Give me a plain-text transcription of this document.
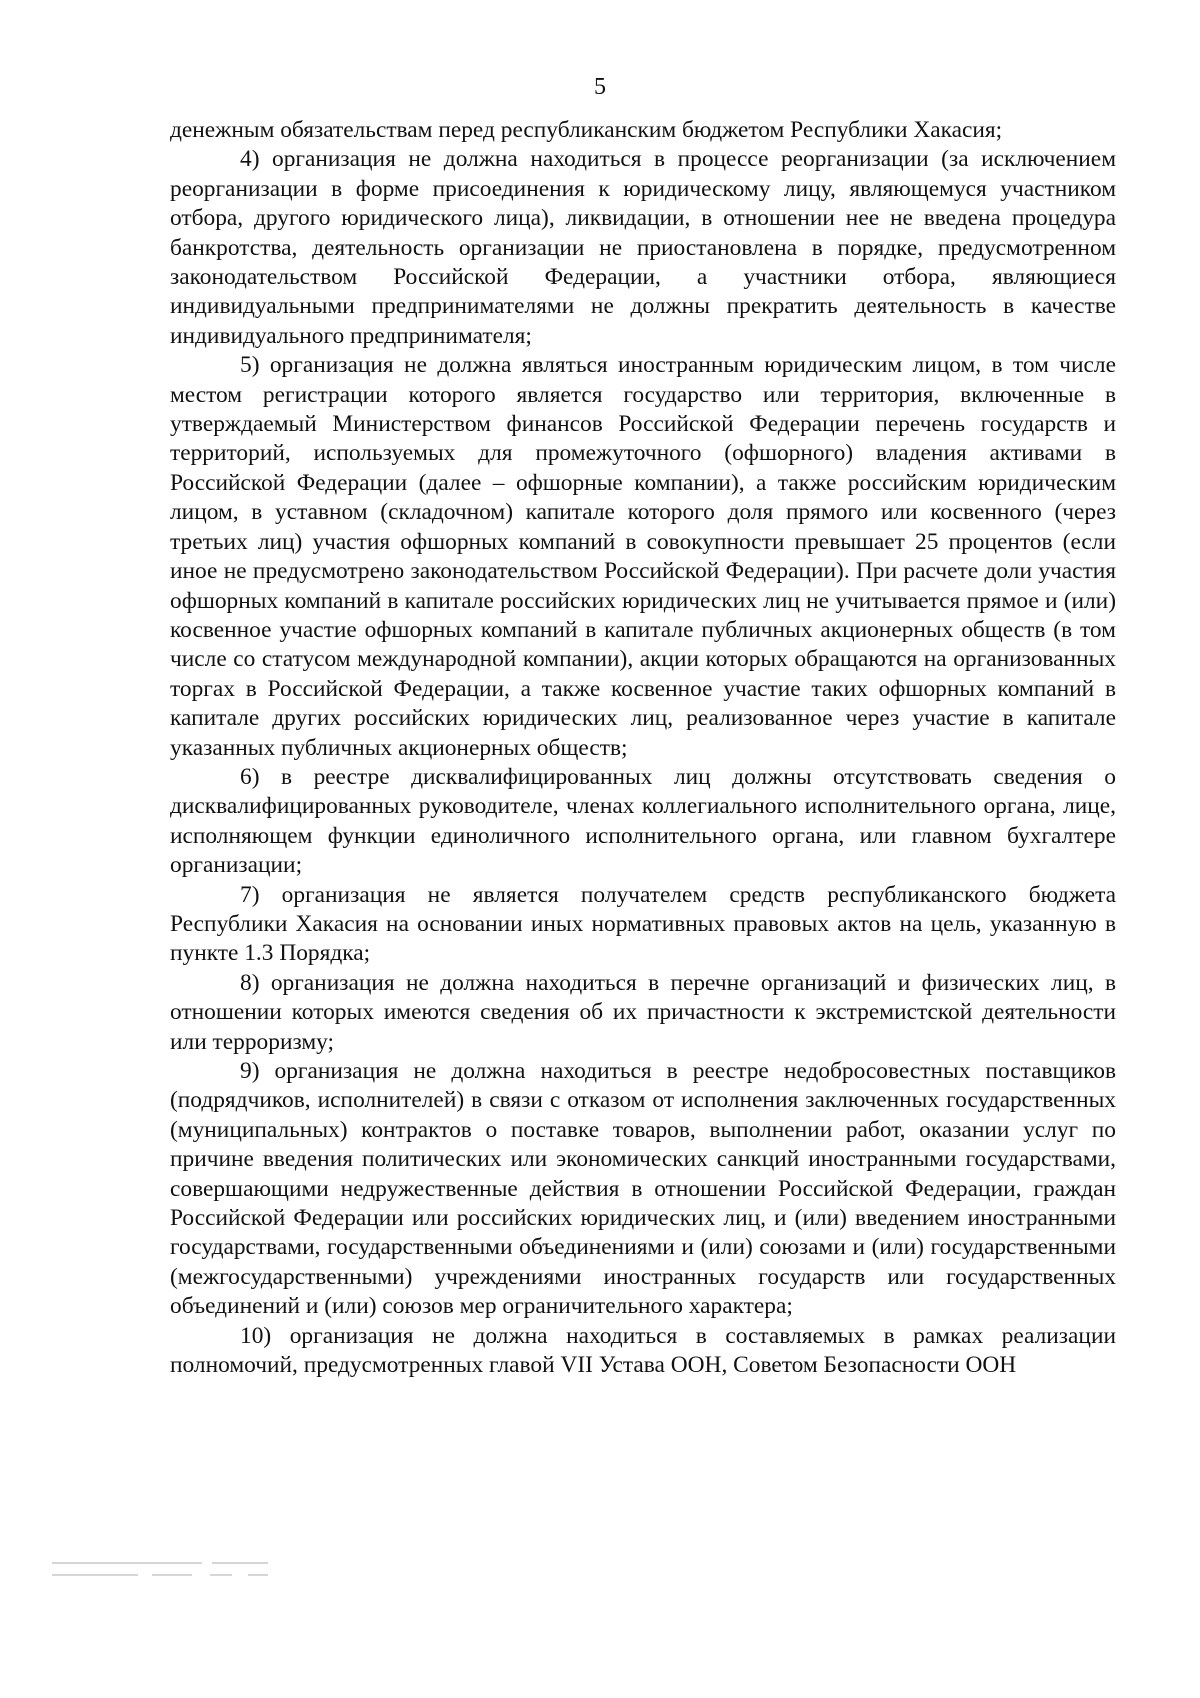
5

денежным обязательствам перед республиканским бюджетом Республики Хакасия;

4) организация не должна находиться в процессе реорганизации (за исключением реорганизации в форме присоединения к юридическому лицу, являющемуся участником отбора, другого юридического лица), ликвидации, в отношении нее не введена процедура банкротства, деятельность организации не приостановлена в порядке, предусмотренном законодательством Российской Федерации, а участники отбора, являющиеся индивидуальными предпринимателями не должны прекратить деятельность в качестве индивидуального предпринимателя;

5) организация не должна являться иностранным юридическим лицом, в том числе местом регистрации которого является государство или территория, включенные в утверждаемый Министерством финансов Российской Федерации перечень государств и территорий, используемых для промежуточного (офшорного) владения активами в Российской Федерации (далее – офшорные компании), а также российским юридическим лицом, в уставном (складочном) капитале которого доля прямого или косвенного (через третьих лиц) участия офшорных компаний в совокупности превышает 25 процентов (если иное не предусмотрено законодательством Российской Федерации). При расчете доли участия офшорных компаний в капитале российских юридических лиц не учитывается прямое и (или) косвенное участие офшорных компаний в капитале публичных акционерных обществ (в том числе со статусом международной компании), акции которых обращаются на организованных торгах в Российской Федерации, а также косвенное участие таких офшорных компаний в капитале других российских юридических лиц, реализованное через участие в капитале указанных публичных акционерных обществ;

6) в реестре дисквалифицированных лиц должны отсутствовать сведения о дисквалифицированных руководителе, членах коллегиального исполнительного органа, лице, исполняющем функции единоличного исполнительного органа, или главном бухгалтере организации;

7) организация не является получателем средств республиканского бюджета Республики Хакасия на основании иных нормативных правовых актов на цель, указанную в пункте 1.3 Порядка;

8) организация не должна находиться в перечне организаций и физических лиц, в отношении которых имеются сведения об их причастности к экстремистской деятельности или терроризму;

9) организация не должна находиться в реестре недобросовестных поставщиков (подрядчиков, исполнителей) в связи с отказом от исполнения заключенных государственных (муниципальных) контрактов о поставке товаров, выполнении работ, оказании услуг по причине введения политических или экономических санкций иностранными государствами, совершающими недружественные действия в отношении Российской Федерации, граждан Российской Федерации или российских юридических лиц, и (или) введением иностранными государствами, государственными объединениями и (или) союзами и (или) государственными (межгосударственными) учреждениями иностранных государств или государственных объединений и (или) союзов мер ограничительного характера;

10) организация не должна находиться в составляемых в рамках реализации полномочий, предусмотренных главой VII Устава ООН, Советом Безопасности ООН
